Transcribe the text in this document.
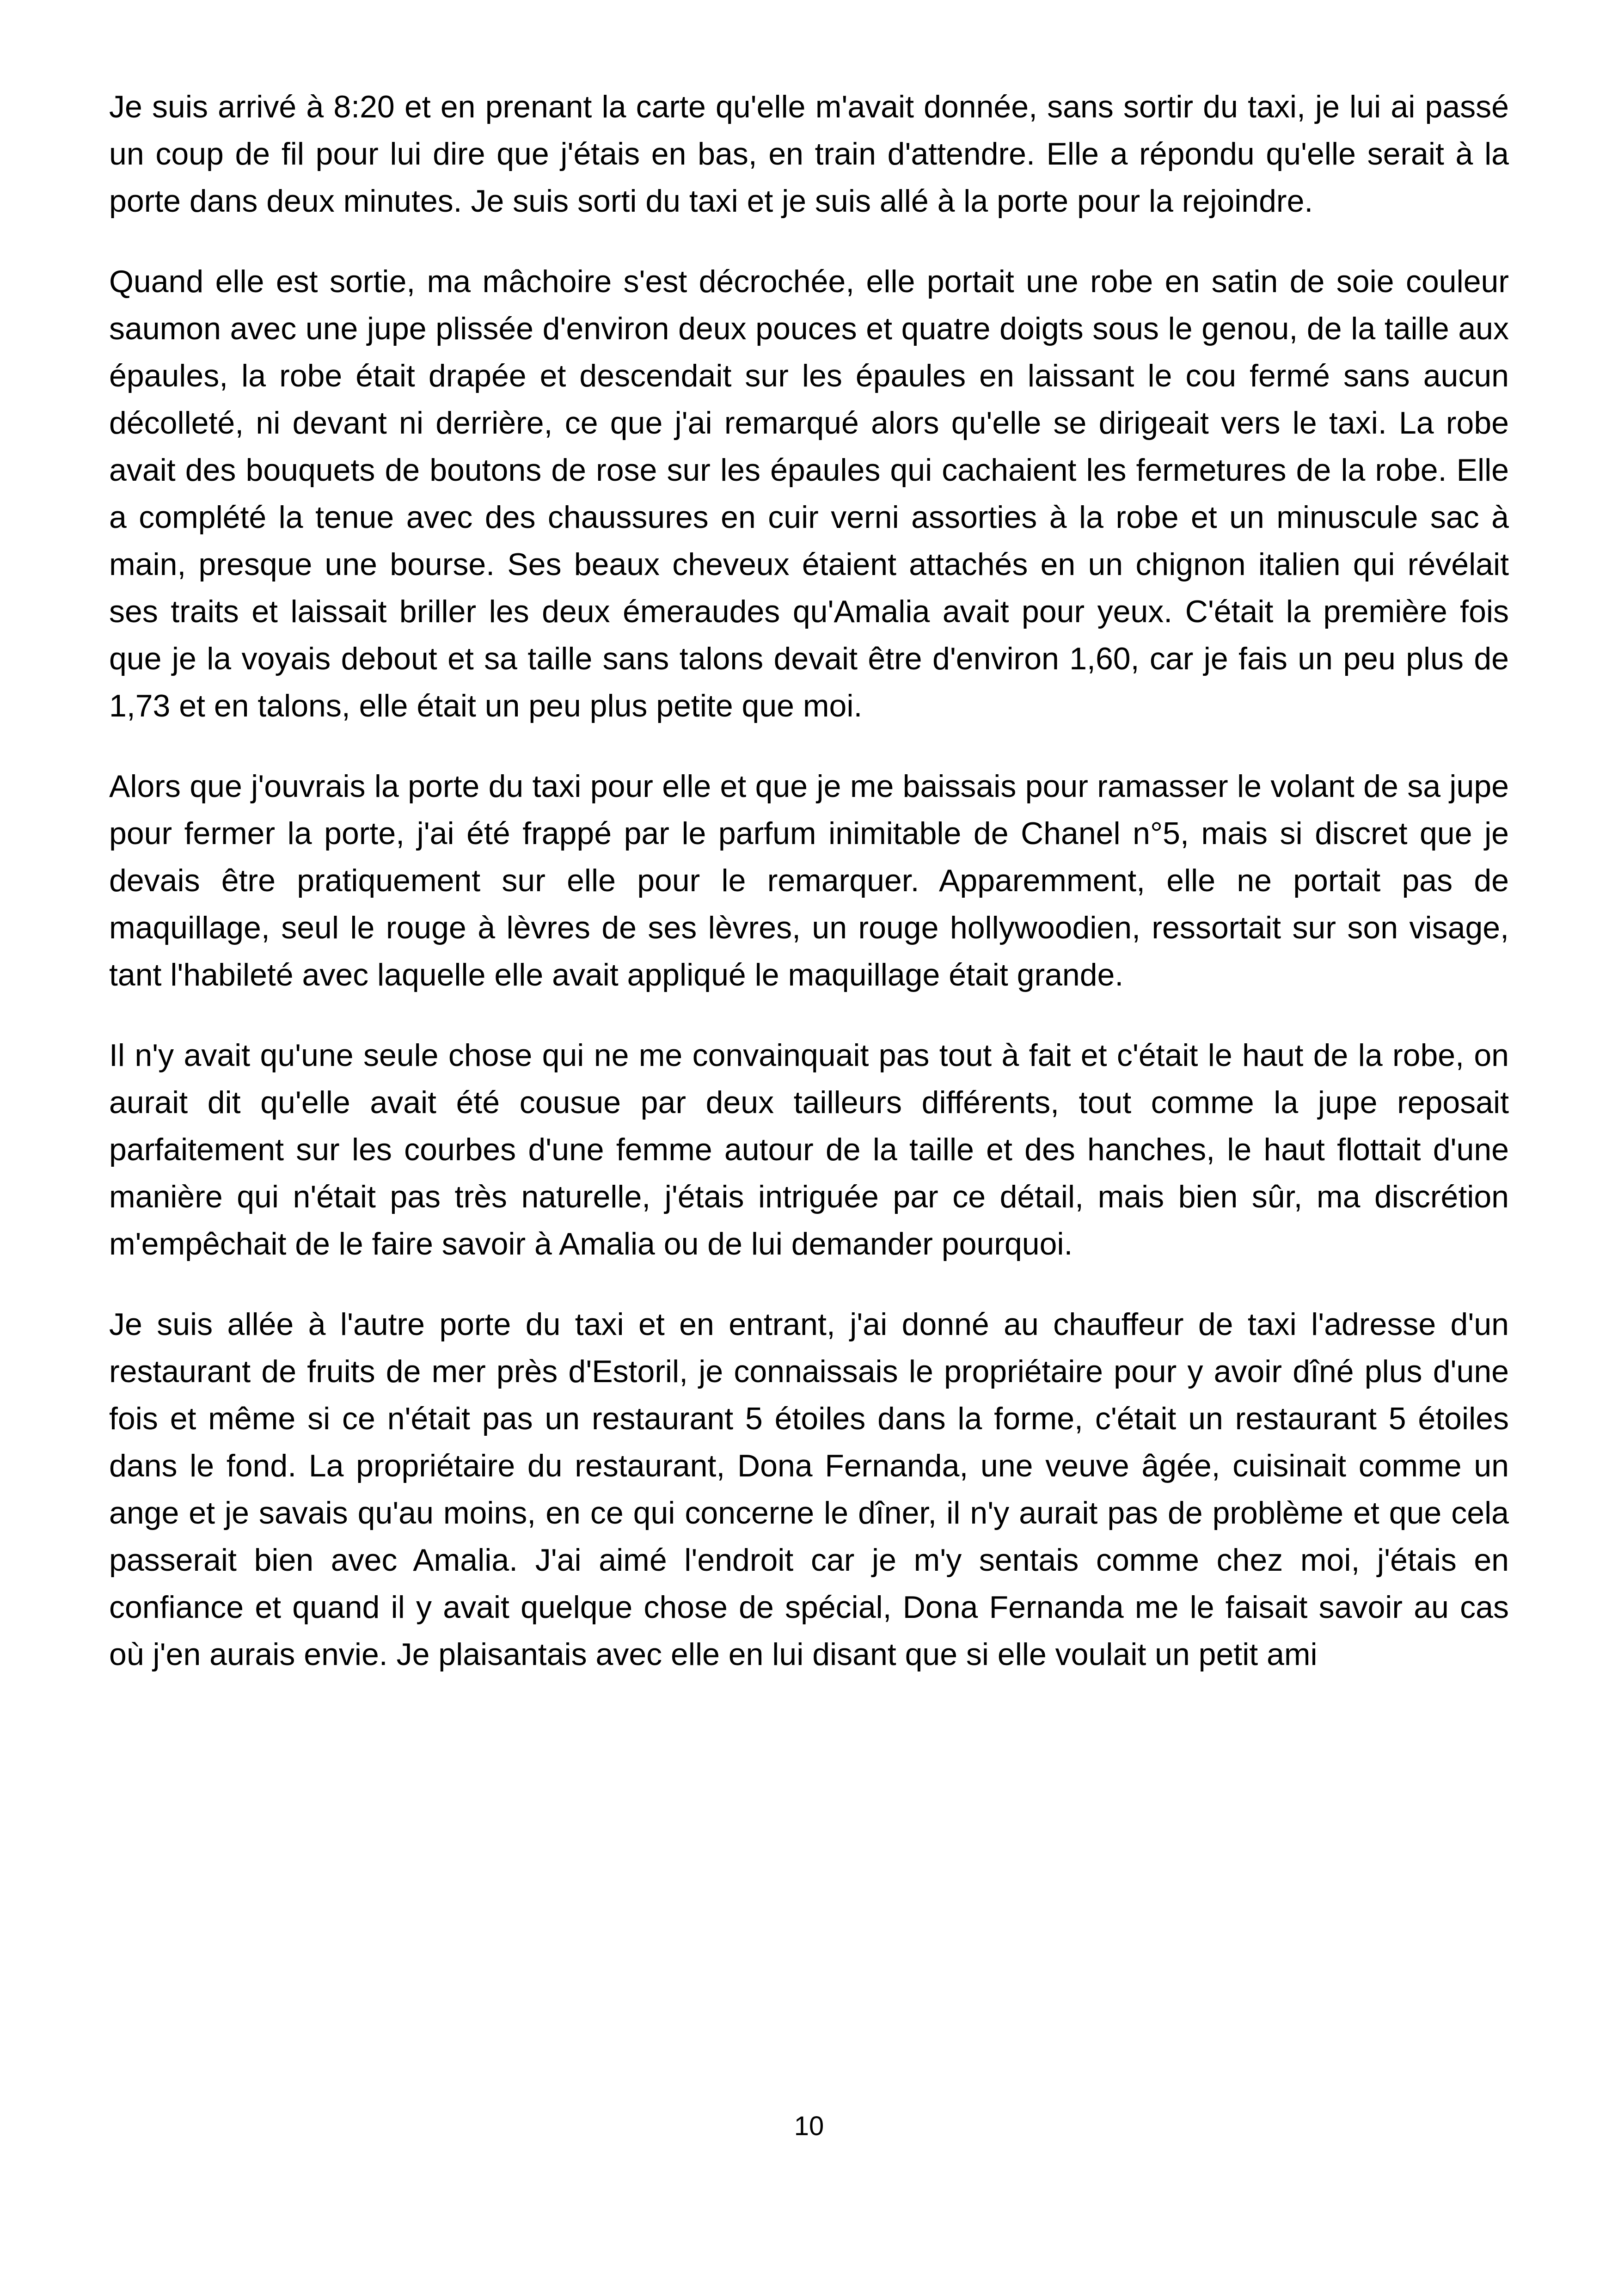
Je suis arrivé à 8:20 et en prenant la carte qu'elle m'avait donnée, sans sortir du taxi, je lui ai passé un coup de fil pour lui dire que j'étais en bas, en train d'attendre. Elle a répondu qu'elle serait à la porte dans deux minutes. Je suis sorti du taxi et je suis allé à la porte pour la rejoindre.

Quand elle est sortie, ma mâchoire s'est décrochée, elle portait une robe en satin de soie couleur saumon avec une jupe plissée d'environ deux pouces et quatre doigts sous le genou, de la taille aux épaules, la robe était drapée et descendait sur les épaules en laissant le cou fermé sans aucun décolleté, ni devant ni derrière, ce que j'ai remarqué alors qu'elle se dirigeait vers le taxi. La robe avait des bouquets de boutons de rose sur les épaules qui cachaient les fermetures de la robe. Elle a complété la tenue avec des chaussures en cuir verni assorties à la robe et un minuscule sac à main, presque une bourse. Ses beaux cheveux étaient attachés en un chignon italien qui révélait ses traits et laissait briller les deux émeraudes qu'Amalia avait pour yeux. C'était la première fois que je la voyais debout et sa taille sans talons devait être d'environ 1,60, car je fais un peu plus de 1,73 et en talons, elle était un peu plus petite que moi.

Alors que j'ouvrais la porte du taxi pour elle et que je me baissais pour ramasser le volant de sa jupe pour fermer la porte, j'ai été frappé par le parfum inimitable de Chanel n°5, mais si discret que je devais être pratiquement sur elle pour le remarquer. Apparemment, elle ne portait pas de maquillage, seul le rouge à lèvres de ses lèvres, un rouge hollywoodien, ressortait sur son visage, tant l'habileté avec laquelle elle avait appliqué le maquillage était grande.

Il n'y avait qu'une seule chose qui ne me convainquait pas tout à fait et c'était le haut de la robe, on aurait dit qu'elle avait été cousue par deux tailleurs différents, tout comme la jupe reposait parfaitement sur les courbes d'une femme autour de la taille et des hanches, le haut flottait d'une manière qui n'était pas très naturelle, j'étais intriguée par ce détail, mais bien sûr, ma discrétion m'empêchait de le faire savoir à Amalia ou de lui demander pourquoi.

Je suis allée à l'autre porte du taxi et en entrant, j'ai donné au chauffeur de taxi l'adresse d'un restaurant de fruits de mer près d'Estoril, je connaissais le propriétaire pour y avoir dîné plus d'une fois et même si ce n'était pas un restaurant 5 étoiles dans la forme, c'était un restaurant 5 étoiles dans le fond. La propriétaire du restaurant, Dona Fernanda, une veuve âgée, cuisinait comme un ange et je savais qu'au moins, en ce qui concerne le dîner, il n'y aurait pas de problème et que cela passerait bien avec Amalia. J'ai aimé l'endroit car je m'y sentais comme chez moi, j'étais en confiance et quand il y avait quelque chose de spécial, Dona Fernanda me le faisait savoir au cas où j'en aurais envie. Je plaisantais avec elle en lui disant que si elle voulait un petit ami

10
